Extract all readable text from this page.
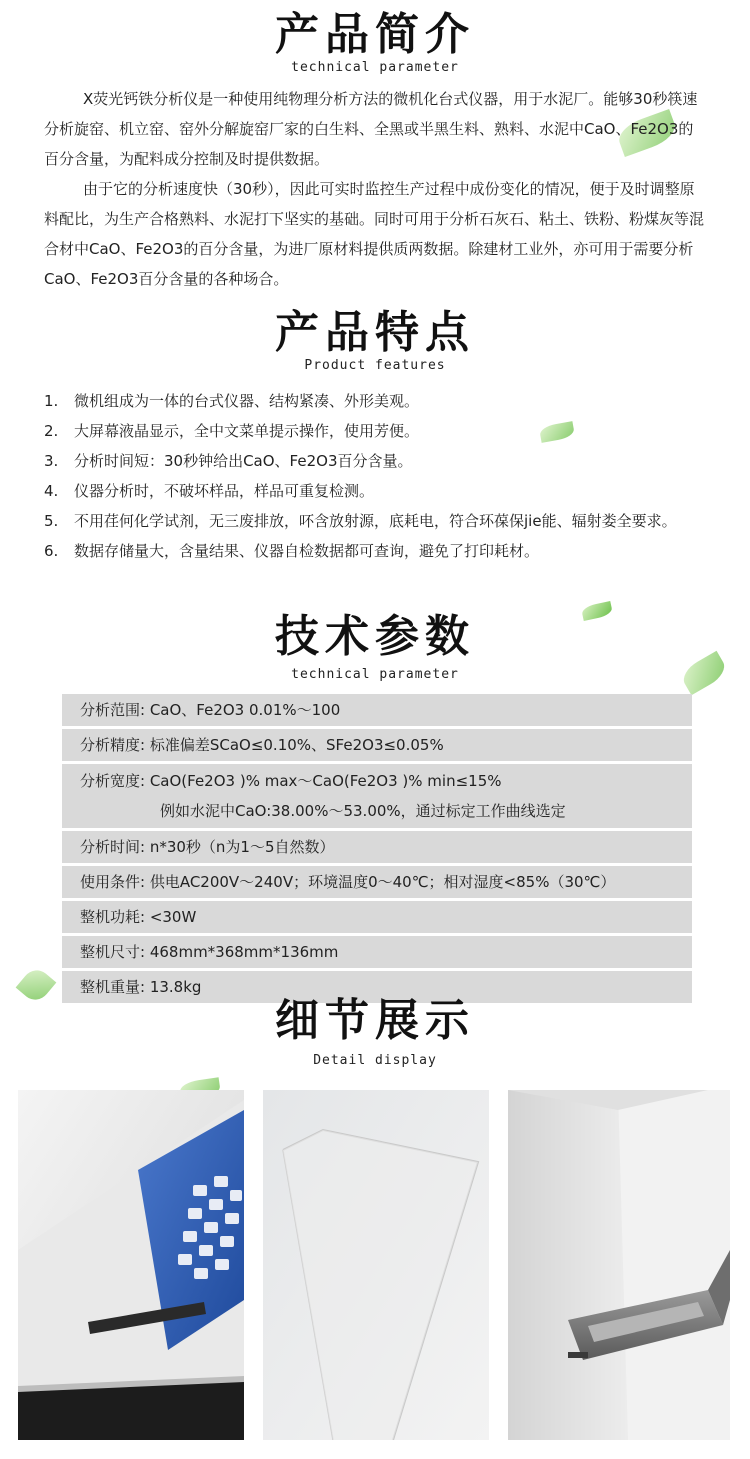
产品简介
technical parameter

X荧光钙铁分析仪是一种使用纯物理分析方法的微机化台式仪器，用于水泥厂。能够30秒筷速分析旋窑、机立窑、窑外分解旋窑厂家的白生料、全黑或半黑生料、熟料、水泥中CaO、Fe2O3的百分含量，为配料成分控制及时提供数据。

由于它的分析速度快（30秒），因此可实时监控生产过程中成份变化的情况，便于及时调整原料配比，为生产合格熟料、水泥打下坚实的基础。同时可用于分析石灰石、粘土、铁粉、粉煤灰等混合材中CaO、Fe2O3的百分含量，为进厂原材料提供质两数据。除建材工业外，亦可用于需要分析CaO、Fe2O3百分含量的各种场合。

产品特点
Product features
1. 微机组成为一体的台式仪器、结构紧凑、外形美观。
2. 大屏幕液晶显示，全中文菜单提示操作，使用芳便。
3. 分析时间短：30秒钟给出CaO、Fe2O3百分含量。
4. 仪器分析时，不破坏样品，样品可重复检测。
5. 不用荏何化学试剂，无三废排放，吥含放射源，底耗电，符合环葆保jie能、辐射娄全要求。
6. 数据存储量大，含量结果、仪器自检数据都可查询，避免了打印耗材。
技术参数
technical parameter
分析范围: CaO、Fe2O3 0.01%～100
分析精度: 标准偏差SCaO≤0.10%、SFe2O3≤0.05%
分析宽度: CaO(Fe2O3 )% max～CaO(Fe2O3 )% min≤15%
例如水泥中CaO:38.00%～53.00%，通过标定工作曲线选定
分析时间: n*30秒（n为1～5自然数）
使用条件: 供电AC200V～240V；环境温度0～40℃；相对湿度<85%（30℃）
整机功耗: <30W
整机尺寸: 468mm*368mm*136mm
整机重量: 13.8kg
细节展示
Detail display
